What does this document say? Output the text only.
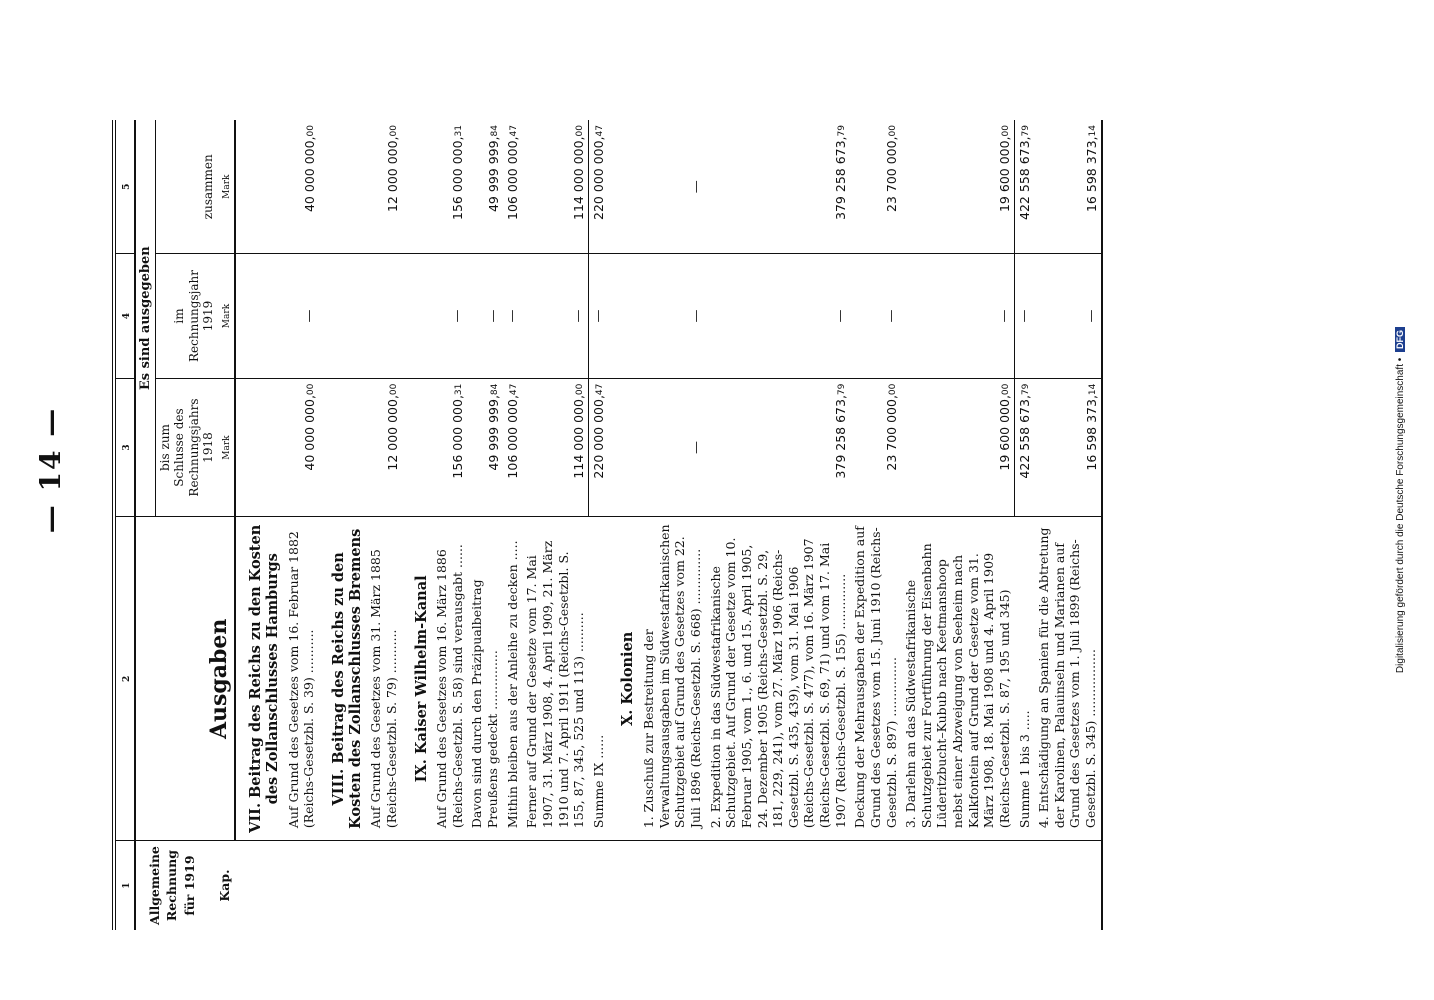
— 14 —
1	2	3	4	5
Allgemeine Rechnung für 1919 Kap.	Ausgaben	Es sind ausgegeben		
		bis zum
Schlusse des
Rechnungsjahrs
1918 Mark	im
Rechnungsjahr
1919 Mark	zusammen Mark

	VII. Beitrag des Reichs zu den Kosten des Zollanschlusses Hamburgs			
	Auf Grund des Gesetzes vom 16. Februar 1882 (Reichs-Gesetzbl. S. 39) ...........	40 000 000,00	—	40 000 000,00
	VIII. Beitrag des Reichs zu den Kosten des Zollanschlusses Bremens			
	Auf Grund des Gesetzes vom 31. März 1885 (Reichs-Gesetzbl. S. 79) ...........	12 000 000,00		12 000 000,00
	IX. Kaiser Wilhelm-Kanal			
	Auf Grund des Gesetzes vom 16. März 1886 (Reichs-Gesetzbl. S. 58) sind verausgabt ......	156 000 000,31	—	156 000 000,31
	Davon sind durch den Präzipualbeitrag Preußens gedeckt ...............	49 999 999,84	—	49 999 999,84
	Mithin bleiben aus der Anleihe zu decken .....	106 000 000,47	—	106 000 000,47
	Ferner auf Grund der Gesetze vom 17. Mai 1907, 31. März 1908, 4. April 1909, 21. März 1910 und 7. April 1911 (Reichs-Gesetzbl. S. 155, 87, 345, 525 und 113) ..........	114 000 000,00	—	114 000 000,00
	Summe IX ......	220 000 000,47	—	220 000 000,47
	X. Kolonien			
	1. Zuschuß zur Bestreitung der Verwaltungsausgaben im Südwestafrikanischen Schutzgebiet auf Grund des Gesetzes vom 22. Juli 1896 (Reichs-Gesetzbl. S. 668) ..............	—	—	—
	2. Expedition in das Südwestafrikanische Schutzgebiet. Auf Grund der Gesetze vom 10. Februar 1905, vom 1., 6. und 15. April 1905, 24. Dezember 1905 (Reichs-Gesetzbl. S. 29, 181, 229, 241), vom 27. März 1906 (Reichs-Gesetzbl. S. 435, 439), vom 31. Mai 1906 (Reichs-Gesetzbl. S. 477), vom 16. März 1907 (Reichs-Gesetzbl. S. 69, 71) und vom 17. Mai 1907 (Reichs-Gesetzbl. S. 155) ..............	379 258 673,79	—	379 258 673,79
	Deckung der Mehrausgaben der Expedition auf Grund des Gesetzes vom 15. Juni 1910 (Reichs-Gesetzbl. S. 897) ...............	23 700 000,00	—	23 700 000,00
	3. Darlehn an das Südwestafrikanische Schutzgebiet zur Fortführung der Eisenbahn Lüderitzbucht–Kubub nach Keetmanshoop nebst einer Abzweigung von Seeheim nach Kalkfontein auf Grund der Gesetze vom 31. März 1908, 18. Mai 1908 und 4. April 1909 (Reichs-Gesetzbl. S. 87, 195 und 345)	19 600 000,00	—	19 600 000,00
	Summe 1 bis 3 .....	422 558 673,79	—	422 558 673,79
	4. Entschädigung an Spanien für die Abtretung der Karolinen, Palauinseln und Marianen auf Grund des Gesetzes vom 1. Juli 1899 (Reichs-Gesetzbl. S. 345) .................	16 598 373,14	—	16 598 373,14
Digitalisierung gefördert durch die Deutsche Forschungsgemeinschaft • DFG
